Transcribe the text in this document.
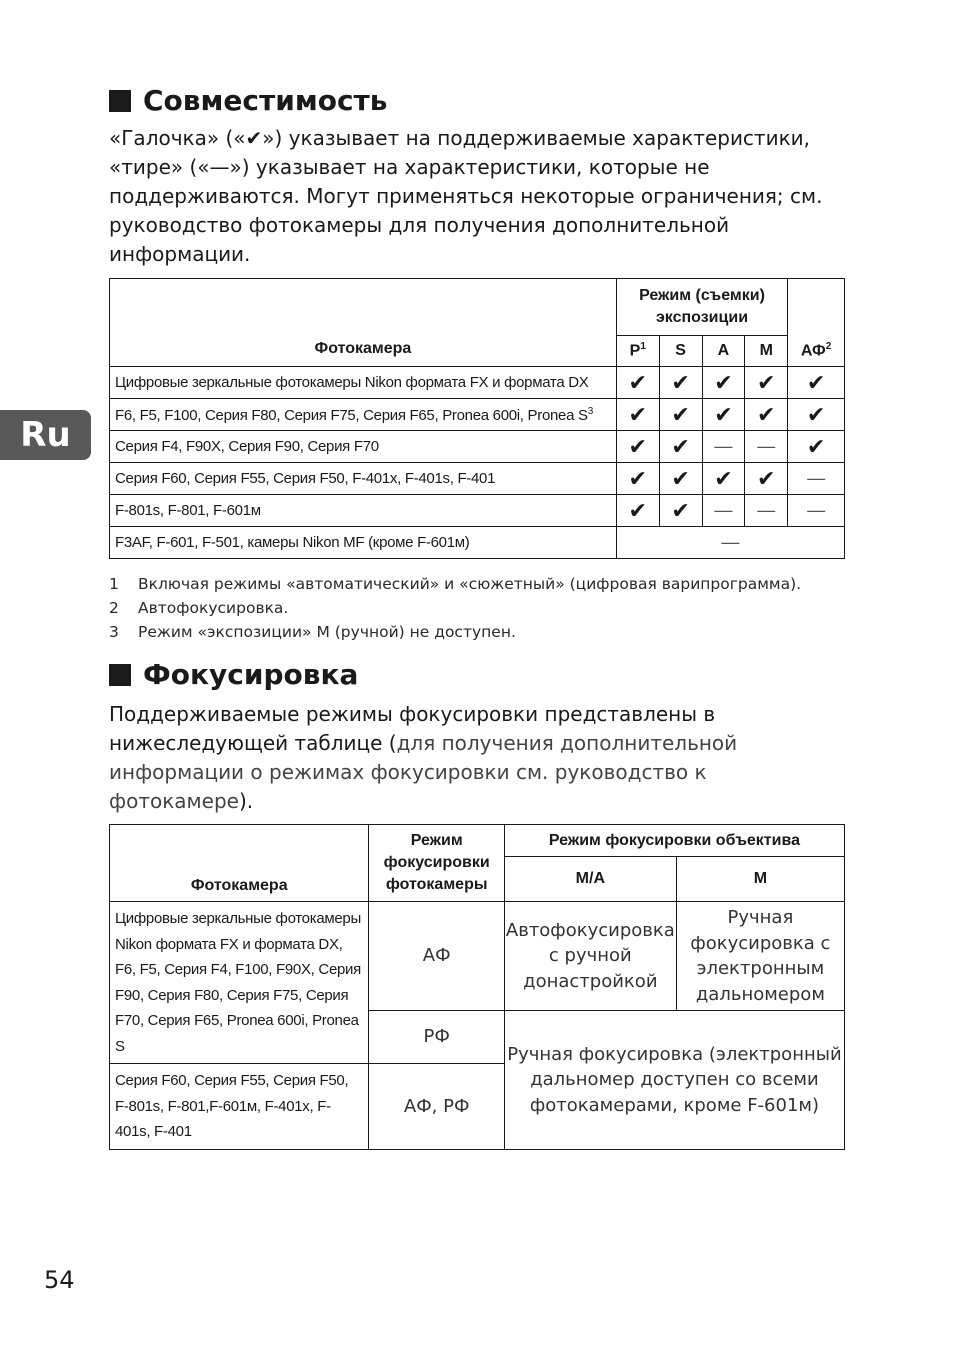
Совместимость

«Галочка» («✔») указывает на поддерживаемые характеристики, «тире» («—») указывает на характеристики, которые не поддерживаются. Могут применяться некоторые ограничения; см. руководство фотокамеры для получения дополнительной информации.

Фотокамера	Режим (съемки) экспозиции				$АФ^2$
	$P^1$	S	A	M	
Цифровые зеркальные фотокамеры Nikon формата FX и формата DX	✔	✔	✔	✔	✔
F6, F5, F100, Серия F80, Серия F75, Серия F65, Pronea 600i, Pronea $S^3$	✔	✔	✔	✔	✔
Серия F4, F90X, Серия F90, Серия F70	✔	✔	—	—	✔
Серия F60, Серия F55, Серия F50, F-401x, F-401s, F-401	✔	✔	✔	✔	—
F-801s, F-801, F-601м	✔	✔	—	—	—
F3AF, F-601, F-501, камеры Nikon MF (кроме F-601м)	—				
1	Включая режимы «автоматический» и «сюжетный» (цифровая варипрограмма).
2	Автофокусировка.
3	Режим «экспозиции» M (ручной) не доступен.
Фокусировка

Поддерживаемые режимы фокусировки представлены в нижеследующей таблице (для получения дополнительной информации о режимах фокусировки см. руководство к фотокамере).

Фотокамера	Режим фокусировки фотокамеры	Режим фокусировки объектива	
		M/A	M
Цифровые зеркальные фотокамеры Nikon формата FX и формата DX, F6, F5, Серия F4, F100, F90X, Серия F90, Серия F80, Серия F75, Серия F70, Серия F65, Pronea 600i, Pronea S	АФ	Автофокусировка с ручной донастройкой	Ручная фокусировка с электронным дальномером
	РФ	Ручная фокусировка (электронный дальномер доступен со всеми фотокамерами, кроме F-601м)	
Серия F60, Серия F55, Серия F50, F-801s, F-801,F-601м, F-401x, F-401s, F-401	АФ, РФ		
Ru
54
